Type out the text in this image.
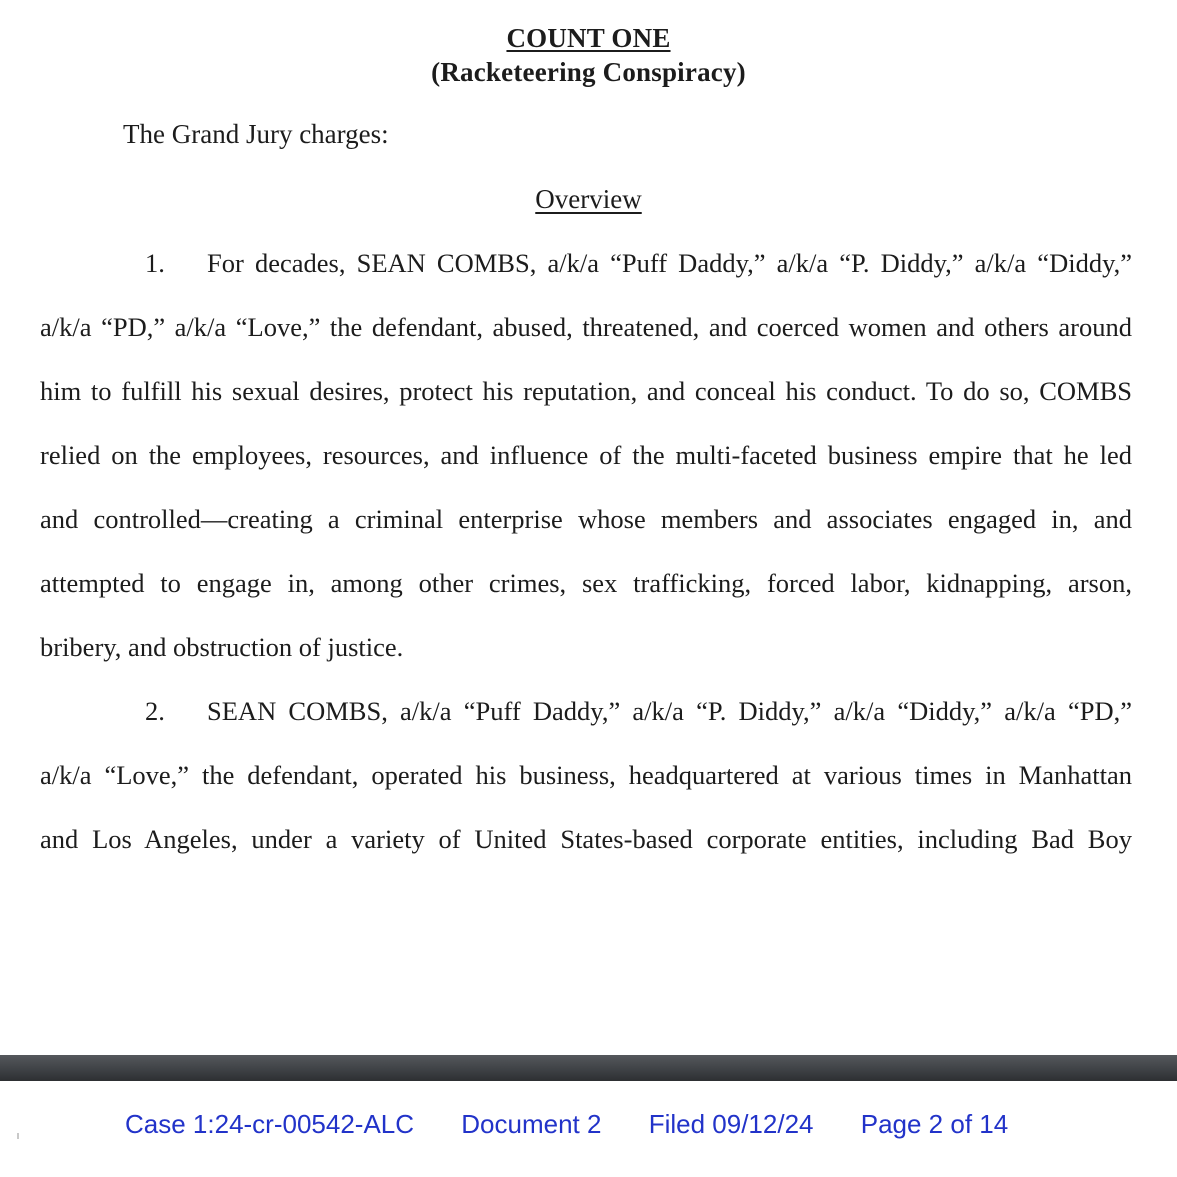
COUNT ONE
(Racketeering Conspiracy)
The Grand Jury charges:
Overview
1. For decades, SEAN COMBS, a/k/a “Puff Daddy,” a/k/a “P. Diddy,” a/k/a “Diddy,”
a/k/a “PD,” a/k/a “Love,” the defendant, abused, threatened, and coerced women and others around
him to fulfill his sexual desires, protect his reputation, and conceal his conduct. To do so, COMBS
relied on the employees, resources, and influence of the multi-faceted business empire that he led
and controlled—creating a criminal enterprise whose members and associates engaged in, and
attempted to engage in, among other crimes, sex trafficking, forced labor, kidnapping, arson,
bribery, and obstruction of justice.
2. SEAN COMBS, a/k/a “Puff Daddy,” a/k/a “P. Diddy,” a/k/a “Diddy,” a/k/a “PD,”
a/k/a “Love,” the defendant, operated his business, headquartered at various times in Manhattan
and Los Angeles, under a variety of United States-based corporate entities, including Bad Boy
Case 1:24-cr-00542-ALC Document 2 Filed 09/12/24 Page 2 of 14
